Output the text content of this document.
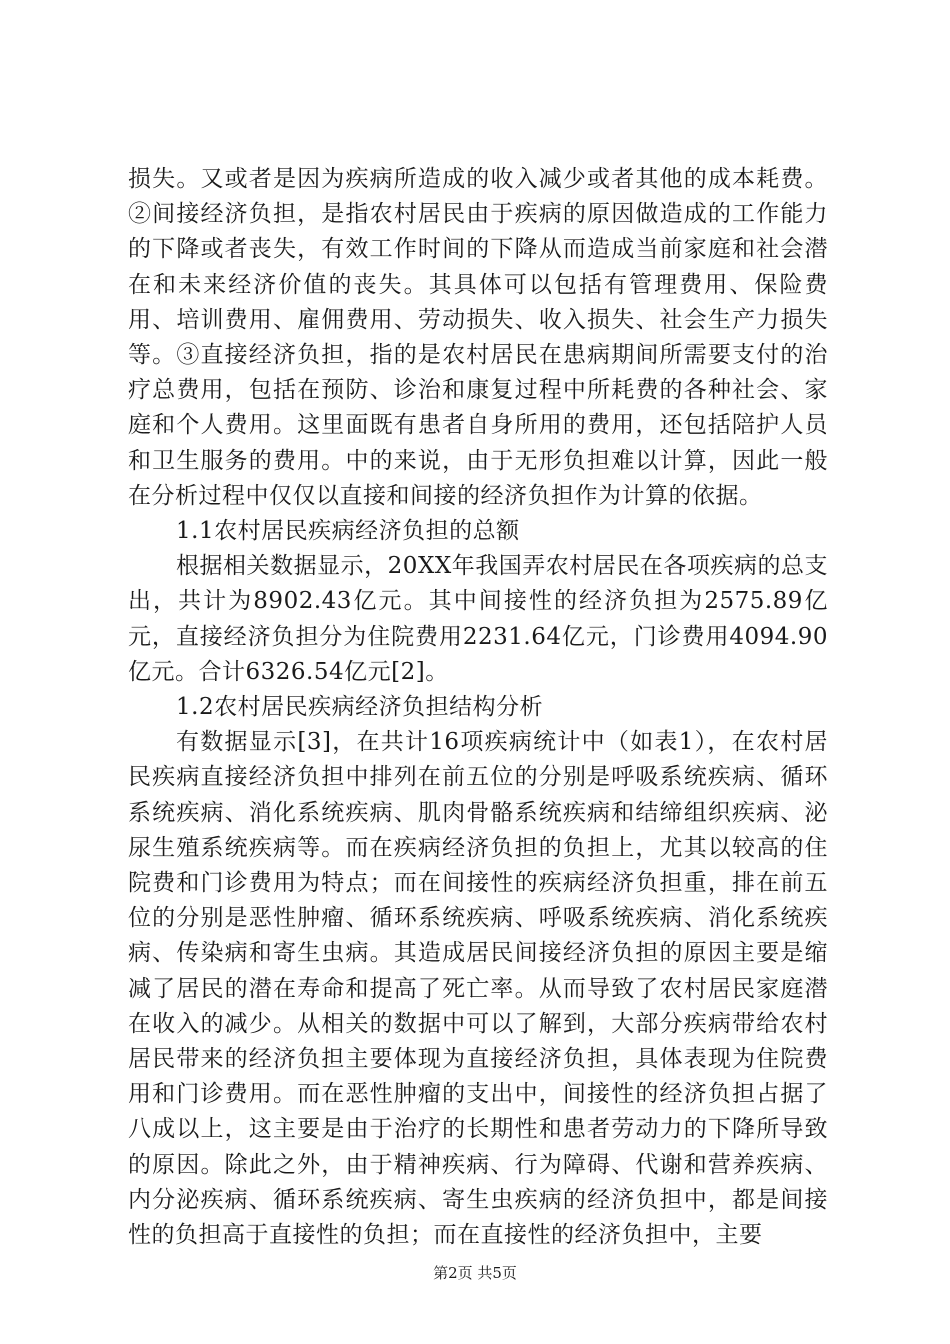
损失。又或者是因为疾病所造成的收入减少或者其他的成本耗费。②间接经济负担，是指农村居民由于疾病的原因做造成的工作能力的下降或者丧失，有效工作时间的下降从而造成当前家庭和社会潜在和未来经济价值的丧失。其具体可以包括有管理费用、保险费用、培训费用、雇佣费用、劳动损失、收入损失、社会生产力损失等。③直接经济负担，指的是农村居民在患病期间所需要支付的治疗总费用，包括在预防、诊治和康复过程中所耗费的各种社会、家庭和个人费用。这里面既有患者自身所用的费用，还包括陪护人员和卫生服务的费用。中的来说，由于无形负担难以计算，因此一般在分析过程中仅仅以直接和间接的经济负担作为计算的依据。

1.1农村居民疾病经济负担的总额

根据相关数据显示，20XX年我国弄农村居民在各项疾病的总支出，共计为8902.43亿元。其中间接性的经济负担为2575.89亿元，直接经济负担分为住院费用2231.64亿元，门诊费用4094.90亿元。合计6326.54亿元[2]。

1.2农村居民疾病经济负担结构分析

有数据显示[3]，在共计16项疾病统计中（如表1），在农村居民疾病直接经济负担中排列在前五位的分别是呼吸系统疾病、循环系统疾病、消化系统疾病、肌肉骨骼系统疾病和结缔组织疾病、泌尿生殖系统疾病等。而在疾病经济负担的负担上，尤其以较高的住院费和门诊费用为特点；而在间接性的疾病经济负担重，排在前五位的分别是恶性肿瘤、循环系统疾病、呼吸系统疾病、消化系统疾病、传染病和寄生虫病。其造成居民间接经济负担的原因主要是缩减了居民的潜在寿命和提高了死亡率。从而导致了农村居民家庭潜在收入的减少。从相关的数据中可以了解到，大部分疾病带给农村居民带来的经济负担主要体现为直接经济负担，具体表现为住院费用和门诊费用。而在恶性肿瘤的支出中，间接性的经济负担占据了八成以上，这主要是由于治疗的长期性和患者劳动力的下降所导致的原因。除此之外，由于精神疾病、行为障碍、代谢和营养疾病、内分泌疾病、循环系统疾病、寄生虫疾病的经济负担中，都是间接性的负担高于直接性的负担；而在直接性的经济负担中，主要

第2页 共5页
